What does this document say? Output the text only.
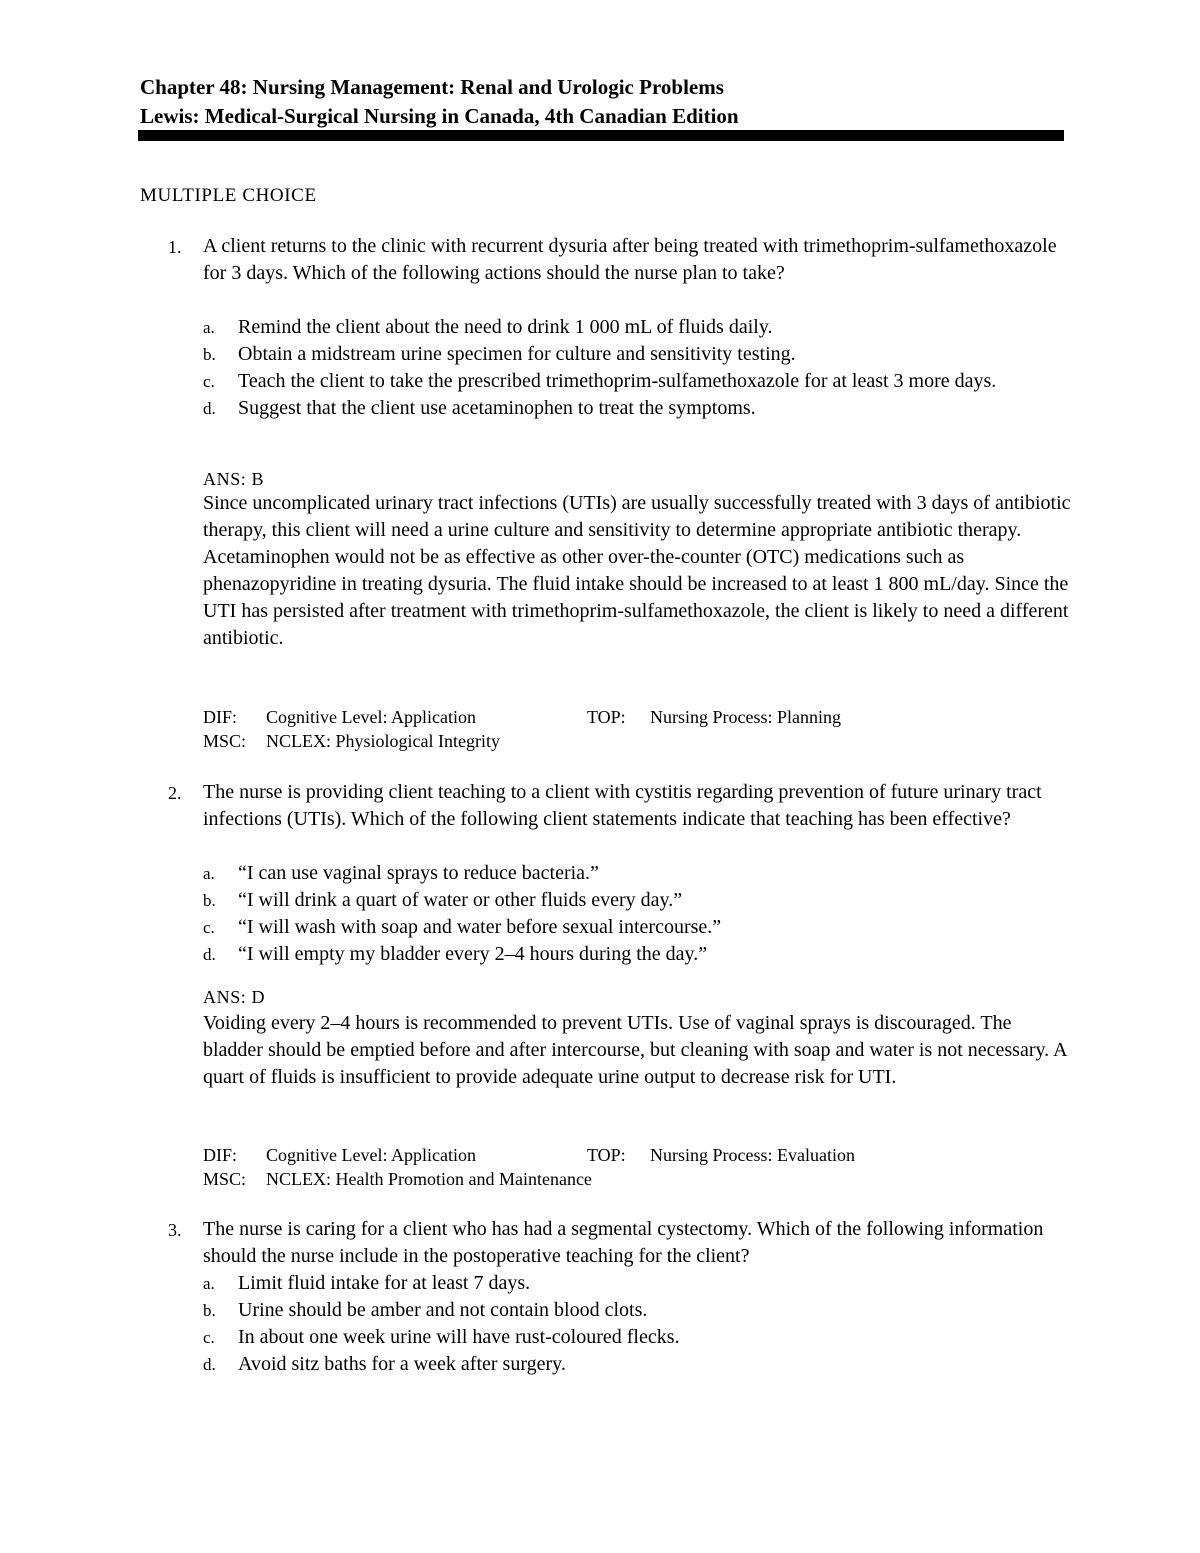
Chapter 48: Nursing Management: Renal and Urologic Problems
Lewis: Medical-Surgical Nursing in Canada, 4th Canadian Edition
MULTIPLE CHOICE
1. A client returns to the clinic with recurrent dysuria after being treated with trimethoprim-sulfamethoxazole for 3 days. Which of the following actions should the nurse plan to take?
a. Remind the client about the need to drink 1 000 mL of fluids daily.
b. Obtain a midstream urine specimen for culture and sensitivity testing.
c. Teach the client to take the prescribed trimethoprim-sulfamethoxazole for at least 3 more days.
d. Suggest that the client use acetaminophen to treat the symptoms.
ANS: B
Since uncomplicated urinary tract infections (UTIs) are usually successfully treated with 3 days of antibiotic therapy, this client will need a urine culture and sensitivity to determine appropriate antibiotic therapy. Acetaminophen would not be as effective as other over-the-counter (OTC) medications such as phenazopyridine in treating dysuria. The fluid intake should be increased to at least 1 800 mL/day. Since the UTI has persisted after treatment with trimethoprim-sulfamethoxazole, the client is likely to need a different antibiotic.
DIF: Cognitive Level: Application	TOP: Nursing Process: Planning
MSC: NCLEX: Physiological Integrity
2. The nurse is providing client teaching to a client with cystitis regarding prevention of future urinary tract infections (UTIs). Which of the following client statements indicate that teaching has been effective?
a. “I can use vaginal sprays to reduce bacteria.”
b. “I will drink a quart of water or other fluids every day.”
c. “I will wash with soap and water before sexual intercourse.”
d. “I will empty my bladder every 2–4 hours during the day.”
ANS: D
Voiding every 2–4 hours is recommended to prevent UTIs. Use of vaginal sprays is discouraged. The bladder should be emptied before and after intercourse, but cleaning with soap and water is not necessary. A quart of fluids is insufficient to provide adequate urine output to decrease risk for UTI.
DIF: Cognitive Level: Application	TOP: Nursing Process: Evaluation
MSC: NCLEX: Health Promotion and Maintenance
3. The nurse is caring for a client who has had a segmental cystectomy. Which of the following information should the nurse include in the postoperative teaching for the client?
a. Limit fluid intake for at least 7 days.
b. Urine should be amber and not contain blood clots.
c. In about one week urine will have rust-coloured flecks.
d. Avoid sitz baths for a week after surgery.
